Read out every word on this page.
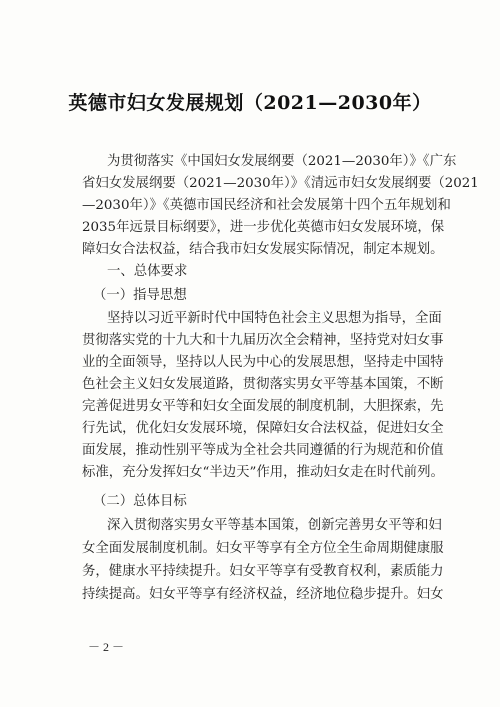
英德市妇女发展规划（2021—2030年）
为贯彻落实《中国妇女发展纲要（2021—2030年）》《广东
省妇女发展纲要（2021—2030年）》《清远市妇女发展纲要（2021
—2030年）》《英德市国民经济和社会发展第十四个五年规划和
2035年远景目标纲要》，进一步优化英德市妇女发展环境，保
障妇女合法权益，结合我市妇女发展实际情况，制定本规划。
一、总体要求
（一）指导思想
坚持以习近平新时代中国特色社会主义思想为指导，全面
贯彻落实党的十九大和十九届历次全会精神，坚持党对妇女事
业的全面领导，坚持以人民为中心的发展思想，坚持走中国特
色社会主义妇女发展道路，贯彻落实男女平等基本国策，不断
完善促进男女平等和妇女全面发展的制度机制，大胆探索，先
行先试，优化妇女发展环境，保障妇女合法权益，促进妇女全
面发展，推动性别平等成为全社会共同遵循的行为规范和价值
标准，充分发挥妇女“半边天”作用，推动妇女走在时代前列。
（二）总体目标
深入贯彻落实男女平等基本国策，创新完善男女平等和妇
女全面发展制度机制。妇女平等享有全方位全生命周期健康服
务，健康水平持续提升。妇女平等享有受教育权利，素质能力
持续提高。妇女平等享有经济权益，经济地位稳步提升。妇女
－ 2 －
